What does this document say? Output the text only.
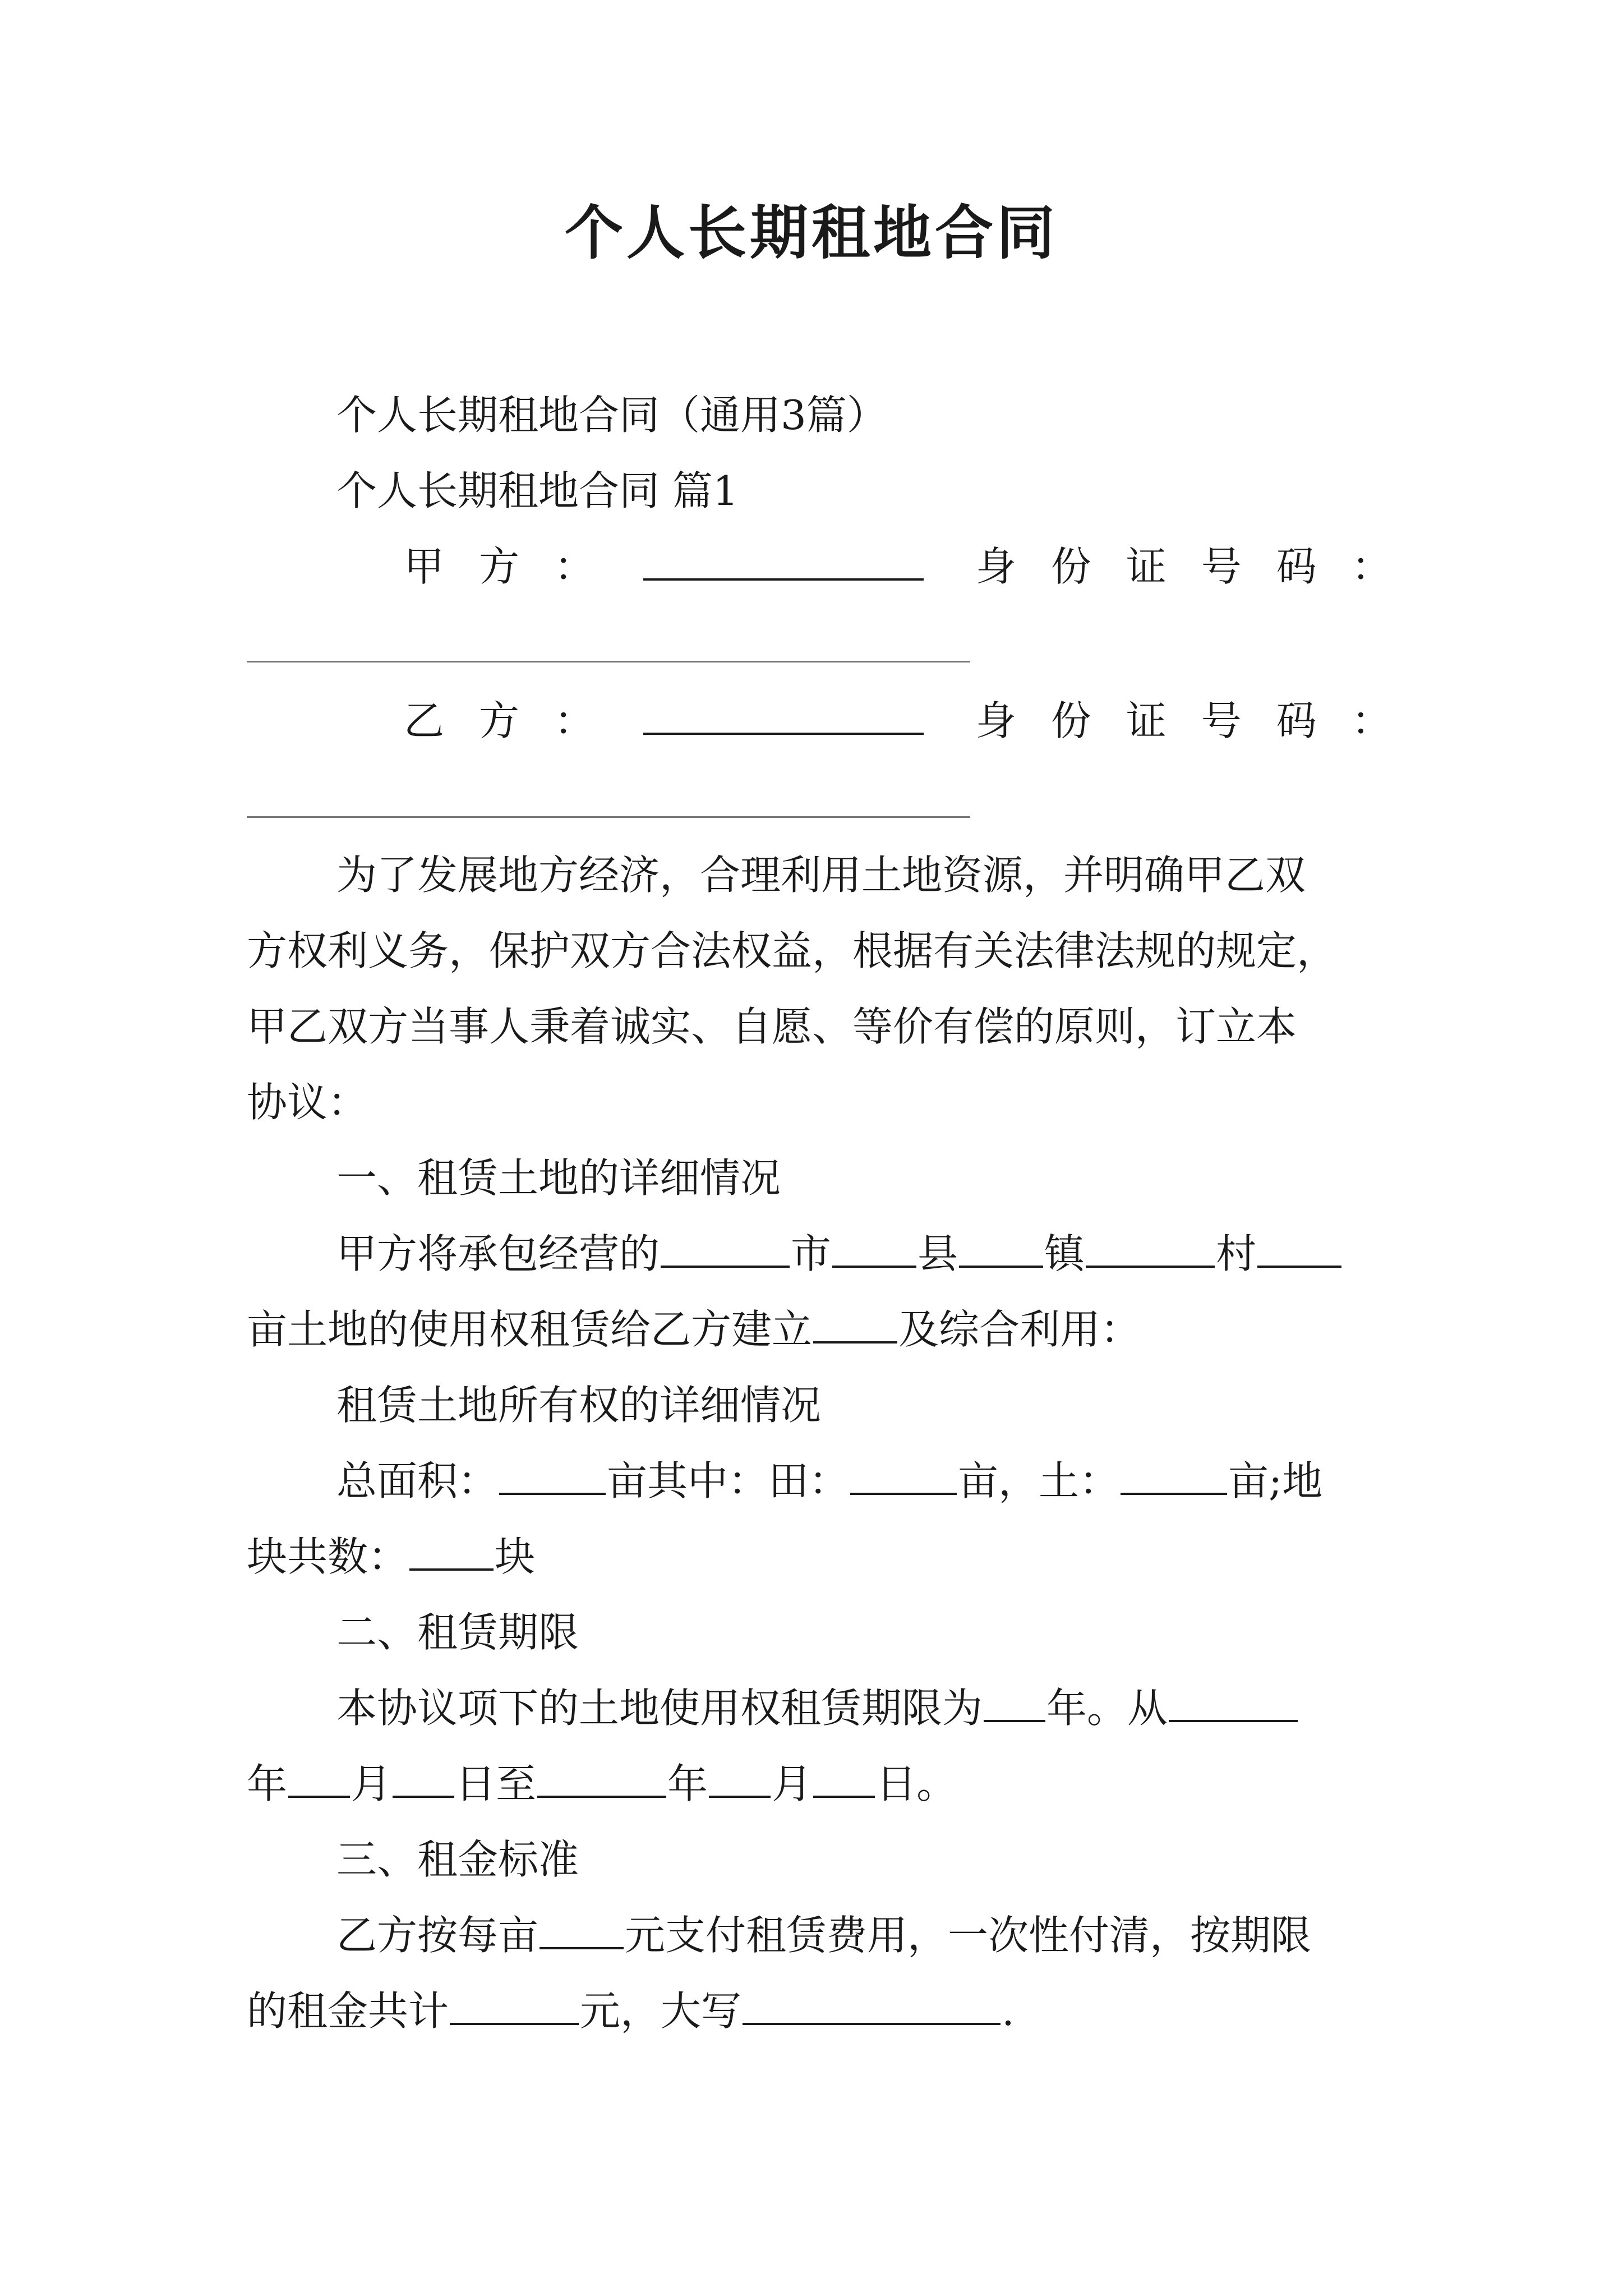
个人长期租地合同
个人长期租地合同（通用3篇）
个人长期租地合同 篇1
甲方：	身份证号码：
乙方：	身份证号码：
为了发展地方经济，合理利用土地资源，并明确甲乙双
方权利义务，保护双方合法权益，根据有关法律法规的规定，
甲乙双方当事人秉着诚实、自愿、等价有偿的原则，订立本
协议：
一、租赁土地的详细情况
甲方将承包经营的	市 县 镇	村
亩土地的使用权租赁给乙方建立 及综合利用：
租赁土地所有权的详细情况
总面积：	亩其中：田：	亩，土：	亩;地
块共数： 块
二、租赁期限
本协议项下的土地使用权租赁期限为 年。从
年 月 日至	年 月 日。
三、租金标准
乙方按每亩 元支付租赁费用，一次性付清，按期限
的租金共计	元，大写	.
